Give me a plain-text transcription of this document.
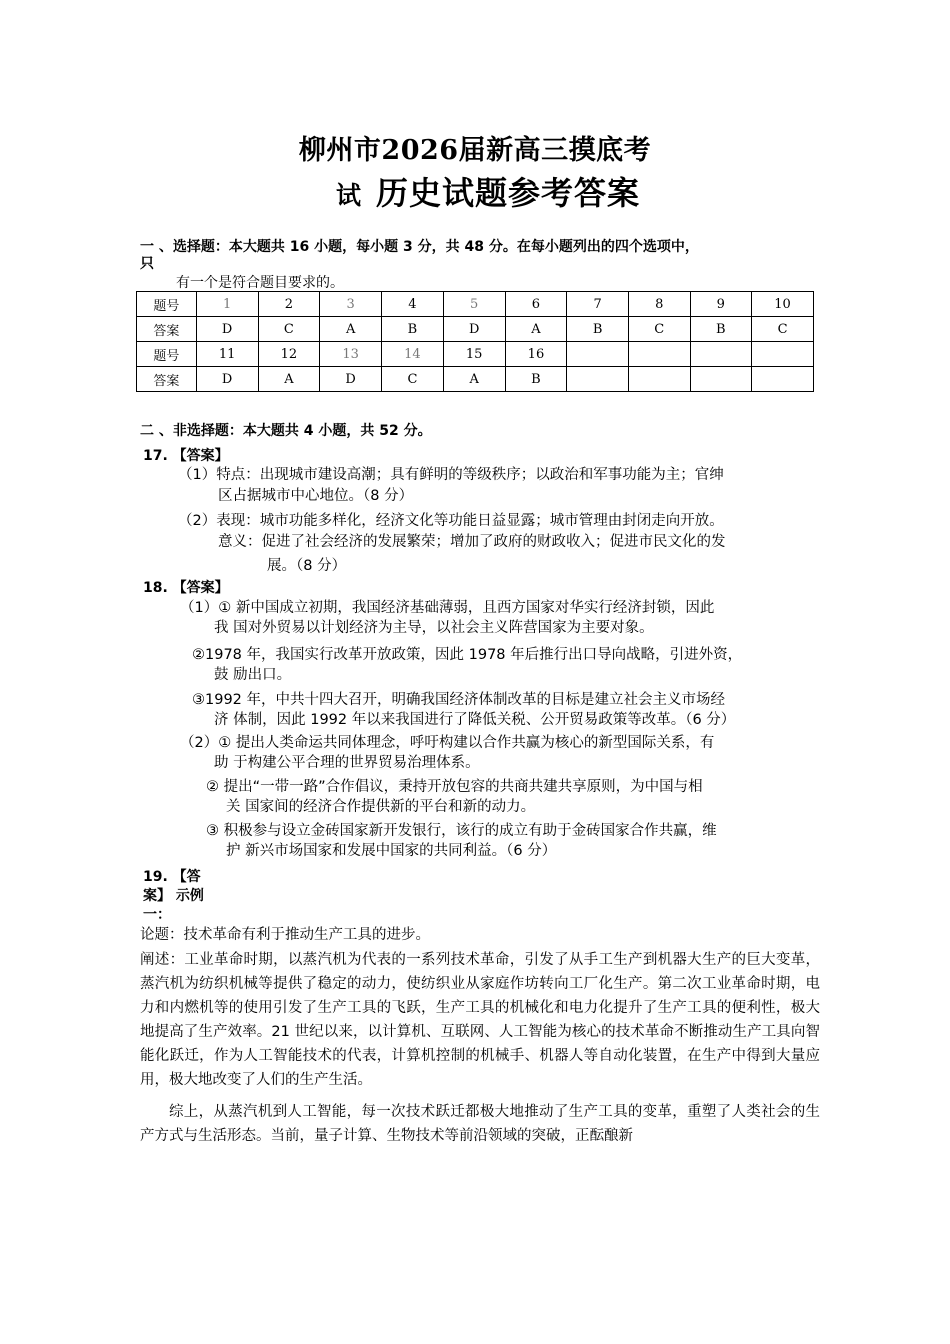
柳州市2026届新高三摸底考
试 历史试题参考答案
一 、选择题：本大题共 16 小题，每小题 3 分，共 48 分。在每小题列出的四个选项中，
只
有一个是符合题目要求的。
题号	1	2	3	4	5	6	7	8	9	10
答案	D	C	A	B	D	A	B	C	B	C
题号	11	12	13	14	15	16				
答案	D	A	D	C	A	B				
二 、非选择题：本大题共 4 小题，共 52 分。
17. 【答案】
（1）特点：出现城市建设高潮；具有鲜明的等级秩序；以政治和军事功能为主；官绅
区占据城市中心地位。（8 分）
（2）表现：城市功能多样化，经济文化等功能日益显露；城市管理由封闭走向开放。
意义：促进了社会经济的发展繁荣；增加了政府的财政收入；促进市民文化的发
展。（8 分）
18. 【答案】
（1）① 新中国成立初期，我国经济基础薄弱，且西方国家对华实行经济封锁，因此
我 国对外贸易以计划经济为主导，以社会主义阵营国家为主要对象。
②1978 年，我国实行改革开放政策，因此 1978 年后推行出口导向战略，引进外资，
鼓 励出口。
③1992 年，中共十四大召开，明确我国经济体制改革的目标是建立社会主义市场经
济 体制，因此 1992 年以来我国进行了降低关税、公开贸易政策等改革。（6 分）
（2）① 提出人类命运共同体理念，呼吁构建以合作共赢为核心的新型国际关系，有
助 于构建公平合理的世界贸易治理体系。
② 提出“一带一路”合作倡议，秉持开放包容的共商共建共享原则，为中国与相
关 国家间的经济合作提供新的平台和新的动力。
③ 积极参与设立金砖国家新开发银行，该行的成立有助于金砖国家合作共赢，维
护 新兴市场国家和发展中国家的共同利益。（6 分）
19. 【答
案】 示例
一：
论题：技术革命有利于推动生产工具的进步。
阐述：工业革命时期，以蒸汽机为代表的一系列技术革命，引发了从手工生产到机器大生产的巨大变革，蒸汽机为纺织机械等提供了稳定的动力，使纺织业从家庭作坊转向工厂化生产。第二次工业革命时期，电力和内燃机等的使用引发了生产工具的飞跃，生产工具的机械化和电力化提升了生产工具的便利性，极大地提高了生产效率。21 世纪以来，以计算机、互联网、人工智能为核心的技术革命不断推动生产工具向智能化跃迁，作为人工智能技术的代表，计算机控制的机械手、机器人等自动化装置，在生产中得到大量应用，极大地改变了人们的生产生活。
综上，从蒸汽机到人工智能，每一次技术跃迁都极大地推动了生产工具的变革，重塑了人类社会的生产方式与生活形态。当前，量子计算、生物技术等前沿领域的突破，正酝酿新
